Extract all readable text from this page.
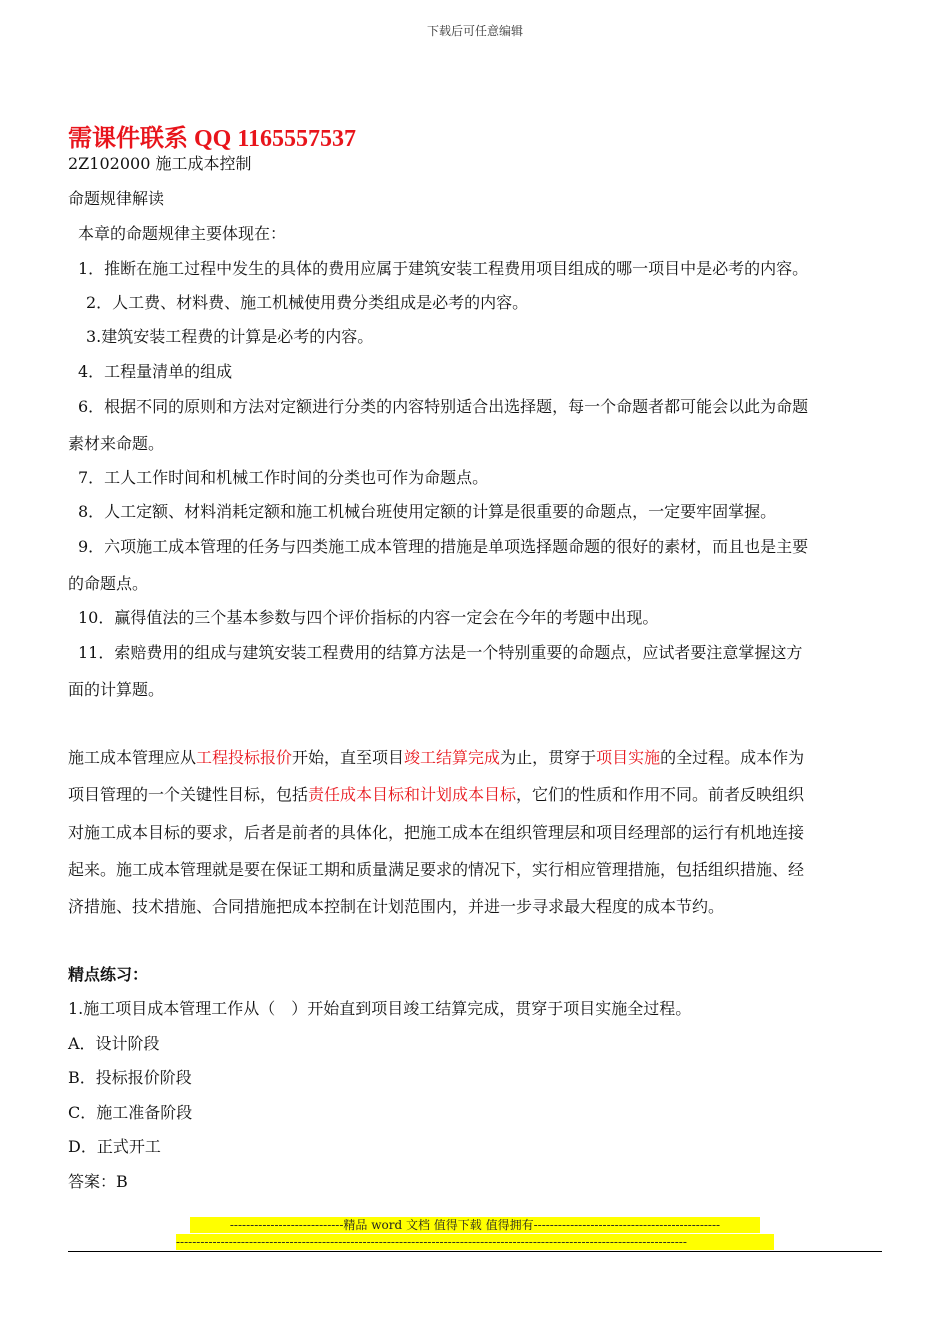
下载后可任意编辑
需课件联系 QQ 1165557537
2Z102000 施工成本控制
命题规律解读
本章的命题规律主要体现在：
1．推断在施工过程中发生的具体的费用应属于建筑安装工程费用项目组成的哪一项目中是必考的内容。
2．人工费、材料费、施工机械使用费分类组成是必考的内容。
3.建筑安装工程费的计算是必考的内容。
4．工程量清单的组成
6．根据不同的原则和方法对定额进行分类的内容特别适合出选择题，每一个命题者都可能会以此为命题
素材来命题。
7．工人工作时间和机械工作时间的分类也可作为命题点。
8．人工定额、材料消耗定额和施工机械台班使用定额的计算是很重要的命题点，一定要牢固掌握。
9．六项施工成本管理的任务与四类施工成本管理的措施是单项选择题命题的很好的素材，而且也是主要
的命题点。
10．赢得值法的三个基本参数与四个评价指标的内容一定会在今年的考题中出现。
11．索赔费用的组成与建筑安装工程费用的结算方法是一个特别重要的命题点，应试者要注意掌握这方
面的计算题。
施工成本管理应从工程投标报价开始，直至项目竣工结算完成为止，贯穿于项目实施的全过程。成本作为
项目管理的一个关键性目标，包括责任成本目标和计划成本目标，它们的性质和作用不同。前者反映组织
对施工成本目标的要求，后者是前者的具体化，把施工成本在组织管理层和项目经理部的运行有机地连接
起来。施工成本管理就是要在保证工期和质量满足要求的情况下，实行相应管理措施，包括组织措施、经
济措施、技术措施、合同措施把成本控制在计划范围内，并进一步寻求最大程度的成本节约。
精点练习：
1.施工项目成本管理工作从（　）开始直到项目竣工结算完成，贯穿于项目实施全过程。
A．设计阶段
B．投标报价阶段
C．施工准备阶段
D．正式开工
答案：B
----------------------------精品 word 文档 值得下载 值得拥有----------------------------------------------
------------------------------------------------------------------------------------------------------------------------------
